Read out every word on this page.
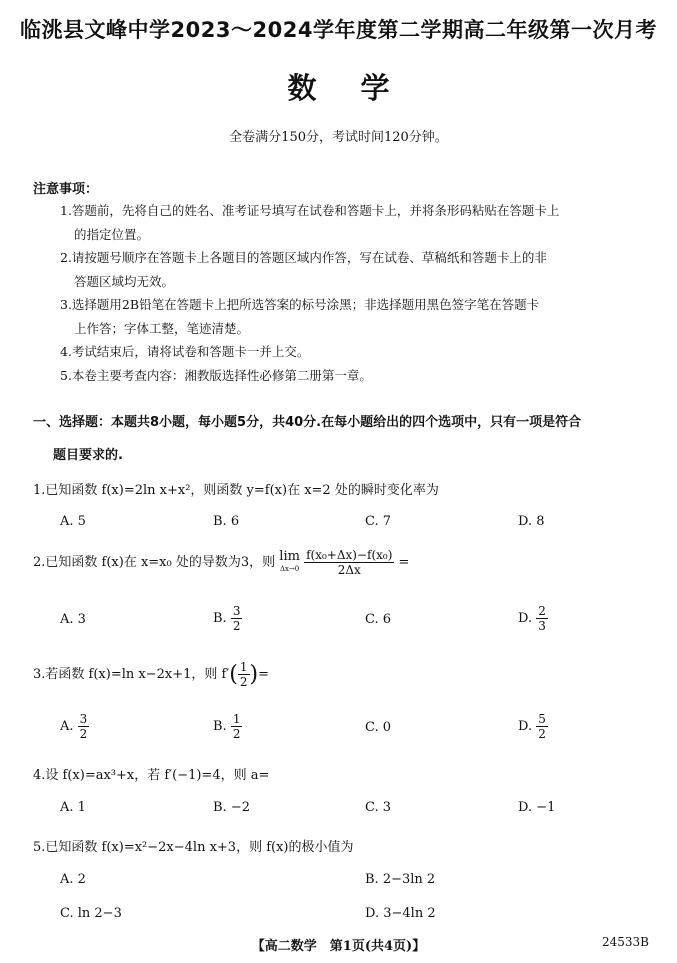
临洮县文峰中学2023～2024学年度第二学期高二年级第一次月考
数学
全卷满分150分，考试时间120分钟。
注意事项：

1.答题前，先将自己的姓名、准考证号填写在试卷和答题卡上，并将条形码粘贴在答题卡上

的指定位置。

2.请按题号顺序在答题卡上各题目的答题区域内作答，写在试卷、草稿纸和答题卡上的非

答题区域均无效。

3.选择题用2B铅笔在答题卡上把所选答案的标号涂黑；非选择题用黑色签字笔在答题卡

上作答；字体工整，笔迹清楚。

4.考试结束后，请将试卷和答题卡一并上交。

5.本卷主要考查内容：湘教版选择性必修第二册第一章。

一、选择题：本题共8小题，每小题5分，共40分.在每小题给出的四个选项中，只有一项是符合
题目要求的.
1.已知函数 f(x)=2ln x+x²，则函数 y=f(x)在 x=2 处的瞬时变化率为
A. 5	B. 6	C. 7	D. 8
2.已知函数 f(x)在 x=x₀ 处的导数为3，则 lim
Δx→0
$\frac{\text{f(x₀+Δx)−f(x₀)}}{2\Delta x}$ =
A. 3	B. $\frac{3}{2}$	C. 6	D. $\frac{2}{3}$
3.若函数 f(x)=ln x−2x+1，则 $f'( \frac{1}{2}$ )=
A. $\frac{3}{2}$	B. $\frac{1}{2}$	C. 0	D. $\frac{5}{2}$
4.设 f(x)=ax³+x，若 f′(−1)=4，则 a=
A. 1	B. −2	C. 3	D. −1
5.已知函数 f(x)=x²−2x−4ln x+3，则 f(x)的极小值为
A. 2	B. 2−3ln 2
C. ln 2−3	D. 3−4ln 2
【高二数学　第1页(共4页)】	24533B
